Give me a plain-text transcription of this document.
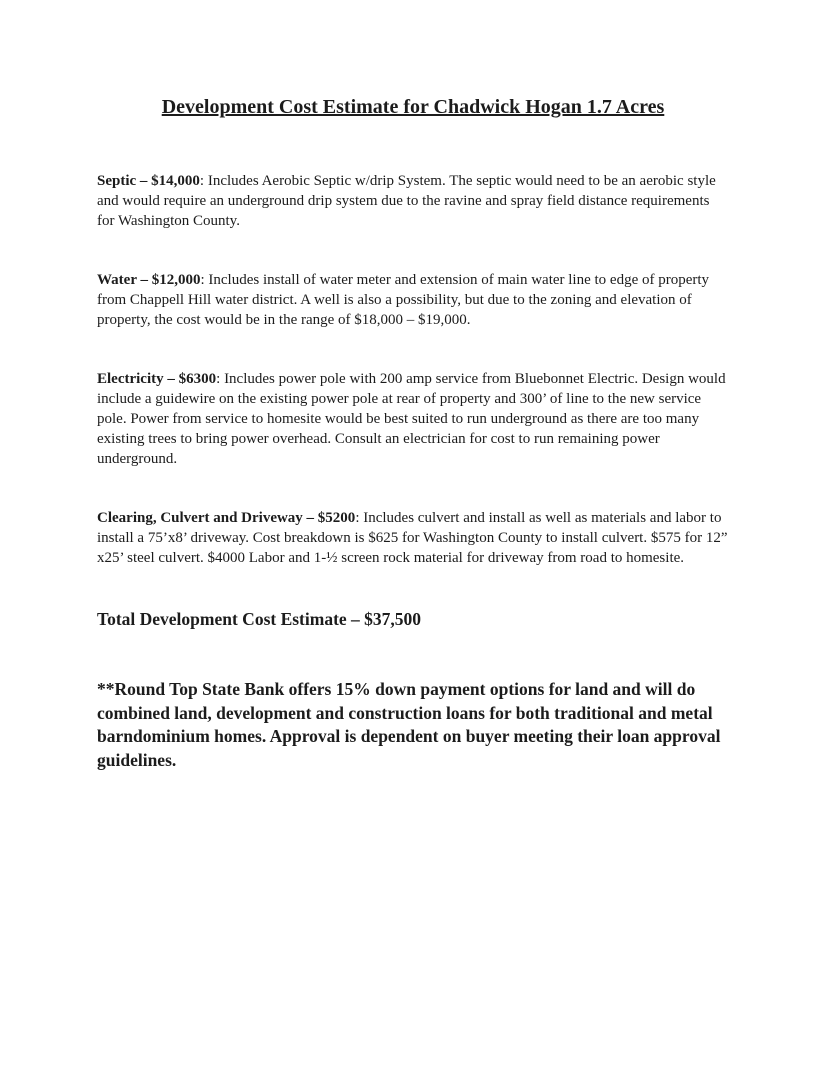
Development Cost Estimate for Chadwick Hogan 1.7 Acres

Septic – $14,000: Includes Aerobic Septic w/drip System. The septic would need to be an aerobic style and would require an underground drip system due to the ravine and spray field distance requirements for Washington County.

Water – $12,000: Includes install of water meter and extension of main water line to edge of property from Chappell Hill water district. A well is also a possibility, but due to the zoning and elevation of property, the cost would be in the range of $18,000 – $19,000.

Electricity – $6300: Includes power pole with 200 amp service from Bluebonnet Electric. Design would include a guidewire on the existing power pole at rear of property and 300’ of line to the new service pole. Power from service to homesite would be best suited to run underground as there are too many existing trees to bring power overhead. Consult an electrician for cost to run remaining power underground.

Clearing, Culvert and Driveway – $5200: Includes culvert and install as well as materials and labor to install a 75’x8’ driveway. Cost breakdown is $625 for Washington County to install culvert. $575 for 12” x25’ steel culvert. $4000 Labor and 1-½ screen rock material for driveway from road to homesite.

Total Development Cost Estimate – $37,500

**Round Top State Bank offers 15% down payment options for land and will do combined land, development and construction loans for both traditional and metal barndominium homes. Approval is dependent on buyer meeting their loan approval guidelines.
